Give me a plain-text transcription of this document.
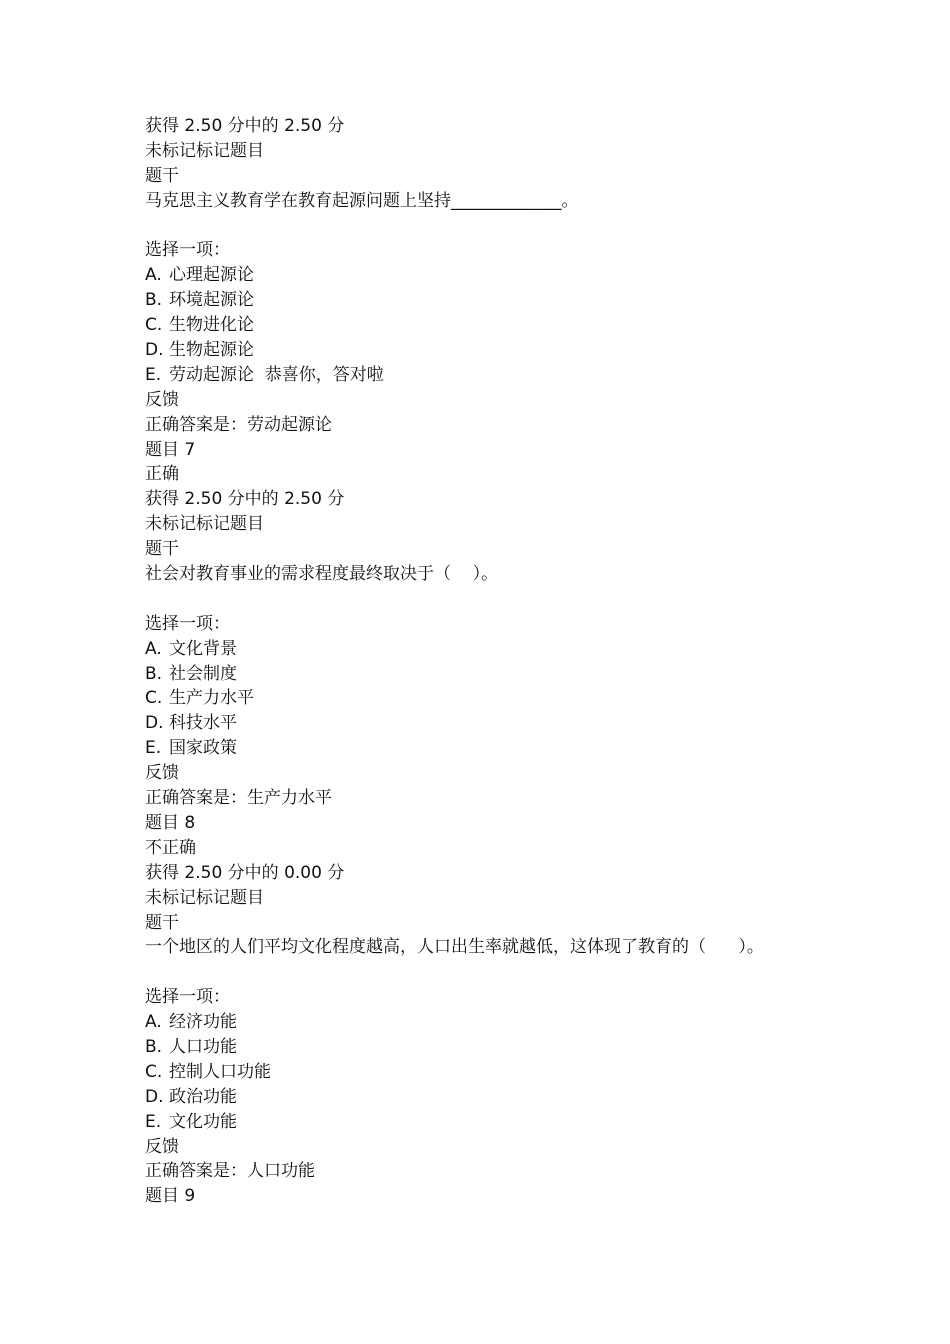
获得 2.50 分中的 2.50 分
未标记标记题目
题干
马克思主义教育学在教育起源问题上坚持_____________。
选择一项：
A. 心理起源论
B. 环境起源论
C. 生物进化论
D. 生物起源论
E. 劳动起源论  恭喜你，答对啦
反馈
正确答案是：劳动起源论
题目 7
正确
获得 2.50 分中的 2.50 分
未标记标记题目
题干
社会对教育事业的需求程度最终取决于（    ）。
选择一项：
A. 文化背景
B. 社会制度
C. 生产力水平
D. 科技水平
E. 国家政策
反馈
正确答案是：生产力水平
题目 8
不正确
获得 2.50 分中的 0.00 分
未标记标记题目
题干
一个地区的人们平均文化程度越高，人口出生率就越低，这体现了教育的（      ）。
选择一项：
A. 经济功能
B. 人口功能
C. 控制人口功能
D. 政治功能
E. 文化功能
反馈
正确答案是：人口功能
题目 9
